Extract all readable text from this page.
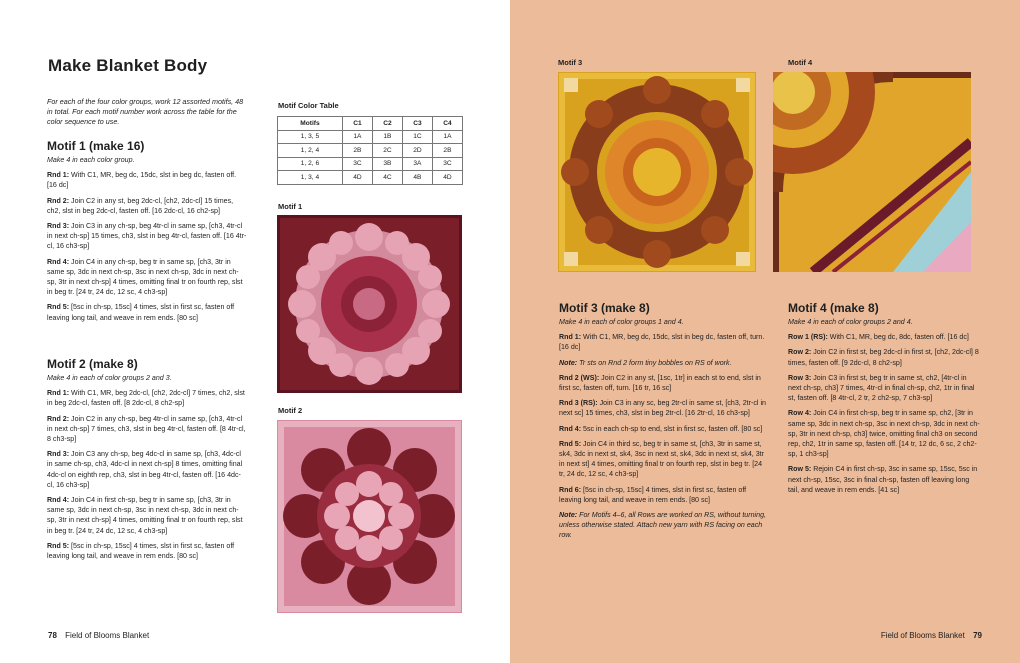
Make Blanket Body
For each of the four color groups, work 12 assorted motifs, 48 in total. For each motif number work across the table for the color sequence to use.
Motif 1 (make 16)
Make 4 in each color group.

Rnd 1: With C1, MR, beg dc, 15dc, slst in beg dc, fasten off. [16 dc]

Rnd 2: Join C2 in any st, beg 2dc-cl, [ch2, 2dc-cl] 15 times, ch2, slst in beg 2dc-cl, fasten off. [16 2dc-cl, 16 ch2-sp]

Rnd 3: Join C3 in any ch-sp, beg 4tr-cl in same sp, [ch3, 4tr-cl in next ch-sp] 15 times, ch3, slst in beg 4tr-cl, fasten off. [16 4tr-cl, 16 ch3-sp]

Rnd 4: Join C4 in any ch-sp, beg tr in same sp, [ch3, 3tr in same sp, 3dc in next ch-sp, 3sc in next ch-sp, 3dc in next ch-sp, 3tr in next ch-sp] 4 times, omitting final tr on fourth rep, slst in beg tr. [24 tr, 24 dc, 12 sc, 4 ch3-sp]

Rnd 5: [5sc in ch-sp, 15sc] 4 times, slst in first sc, fasten off leaving long tail, and weave in rem ends. [80 sc]

Motif 2 (make 8)
Make 4 in each of color groups 2 and 3.

Rnd 1: With C1, MR, beg 2dc-cl, [ch2, 2dc-cl] 7 times, ch2, slst in beg 2dc-cl, fasten off. [8 2dc-cl, 8 ch2-sp]

Rnd 2: Join C2 in any ch-sp, beg 4tr-cl in same sp, [ch3, 4tr-cl in next ch-sp] 7 times, ch3, slst in beg 4tr-cl, fasten off. [8 4tr-cl, 8 ch3-sp]

Rnd 3: Join C3 any ch-sp, beg 4dc-cl in same sp, [ch3, 4dc-cl in same ch-sp, ch3, 4dc-cl in next ch-sp] 8 times, omitting final 4dc-cl on eighth rep, ch3, slst in beg 4tr-cl, fasten off. [16 4dc-cl, 16 ch3-sp]

Rnd 4: Join C4 in first ch-sp, beg tr in same sp, [ch3, 3tr in same sp, 3dc in next ch-sp, 3sc in next ch-sp, 3dc in next ch-sp, 3tr in next ch-sp] 4 times, omitting final tr on fourth rep, slst in beg tr. [24 tr, 24 dc, 12 sc, 4 ch3-sp]

Rnd 5: [5sc in ch-sp, 15sc] 4 times, slst in first sc, fasten off leaving long tail, and weave in rem ends. [80 sc]

Motif Color Table
Motifs	C1	C2	C3	C4
1, 3, 5	1A	1B	1C	1A
1, 2, 4	2B	2C	2D	2B
1, 2, 6	3C	3B	3A	3C
1, 3, 4	4D	4C	4B	4D
Motif 1
Motif 2
78 Field of Blooms Blanket
Motif 3	Motif 4
Motif 3 (make 8)
Make 4 in each of color groups 1 and 4.

Rnd 1: With C1, MR, beg dc, 15dc, slst in beg dc, fasten off, turn. [16 dc]

Note: Tr sts on Rnd 2 form tiny bobbles on RS of work.

Rnd 2 (WS): Join C2 in any st, [1sc, 1tr] in each st to end, slst in first sc, fasten off, turn. [16 tr, 16 sc]

Rnd 3 (RS): Join C3 in any sc, beg 2tr-cl in same st, [ch3, 2tr-cl in next sc] 15 times, ch3, slst in beg 2tr-cl. [16 2tr-cl, 16 ch3-sp]

Rnd 4: 5sc in each ch-sp to end, slst in first sc, fasten off. [80 sc]

Rnd 5: Join C4 in third sc, beg tr in same st, [ch3, 3tr in same st, sk4, 3dc in next st, sk4, 3sc in next st, sk4, 3dc in next st, sk4, 3tr in next st] 4 times, omitting final tr on fourth rep, slst in beg tr. [24 tr, 24 dc, 12 sc, 4 ch3-sp]

Rnd 6: [5sc in ch-sp, 15sc] 4 times, slst in first sc, fasten off leaving long tail, and weave in rem ends. [80 sc]

Note: For Motifs 4–6, all Rows are worked on RS, without turning, unless otherwise stated. Attach new yarn with RS facing on each row.

Motif 4 (make 8)
Make 4 in each of color groups 2 and 4.

Row 1 (RS): With C1, MR, beg dc, 8dc, fasten off. [16 dc]

Row 2: Join C2 in first st, beg 2dc-cl in first st, [ch2, 2dc-cl] 8 times, fasten off. [9 2dc-cl, 8 ch2-sp]

Row 3: Join C3 in first st, beg tr in same st, ch2, [4tr-cl in next ch-sp, ch3] 7 times, 4tr-cl in final ch-sp, ch2, 1tr in final st, fasten off. [8 4tr-cl, 2 tr, 2 ch2-sp, 7 ch3-sp]

Row 4: Join C4 in first ch-sp, beg tr in same sp, ch2, [3tr in same sp, 3dc in next ch-sp, 3sc in next ch-sp, 3dc in next ch-sp, 3tr in next ch-sp, ch3] twice, omitting final ch3 on second rep, ch2, 1tr in same sp, fasten off. [14 tr, 12 dc, 6 sc, 2 ch2-sp, 1 ch3-sp]

Row 5: Rejoin C4 in first ch-sp, 3sc in same sp, 15sc, 5sc in next ch-sp, 15sc, 3sc in final ch-sp, fasten off leaving long tail, and weave in rem ends. [41 sc]

Field of Blooms Blanket 79
